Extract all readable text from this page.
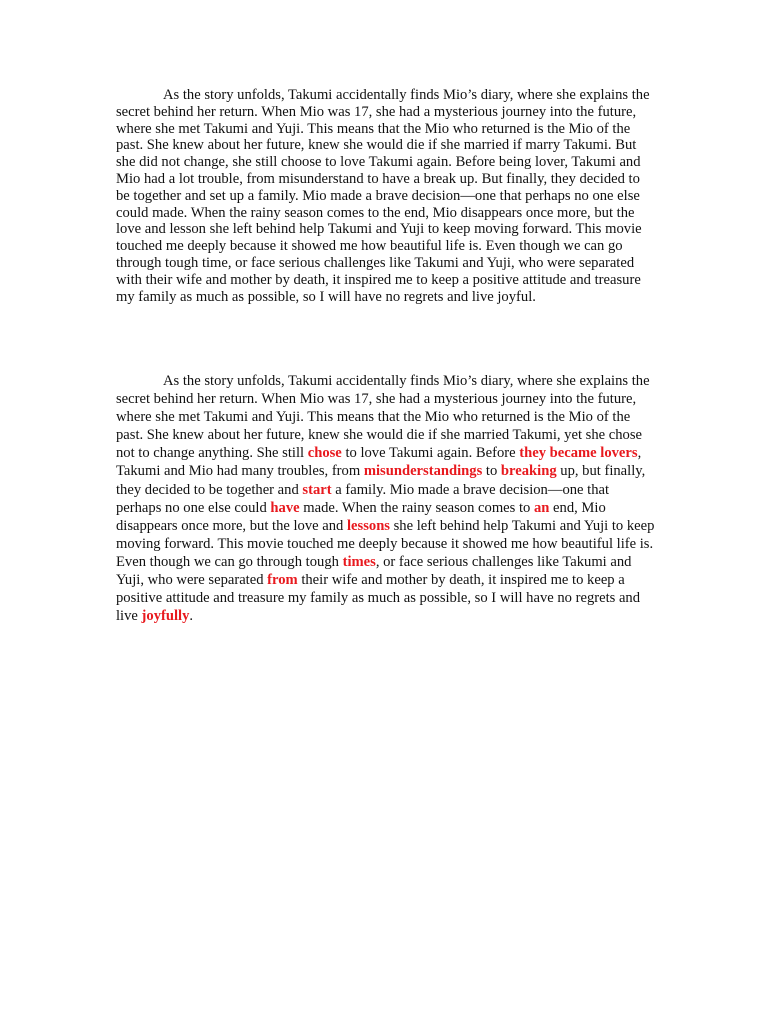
As the story unfolds, Takumi accidentally finds Mio’s diary, where she explains the secret behind her return. When Mio was 17, she had a mysterious journey into the future, where she met Takumi and Yuji. This means that the Mio who returned is the Mio of the past. She knew about her future, knew she would die if she married if marry Takumi. But she did not change, she still choose to love Takumi again. Before being lover, Takumi and Mio had a lot trouble, from misunderstand to have a break up. But finally, they decided to be together and set up a family. Mio made a brave decision—one that perhaps no one else could made. When the rainy season comes to the end, Mio disappears once more, but the love and lesson she left behind help Takumi and Yuji to keep moving forward. This movie touched me deeply because it showed me how beautiful life is. Even though we can go through tough time, or face serious challenges like Takumi and Yuji, who were separated with their wife and mother by death, it inspired me to keep a positive attitude and treasure my family as much as possible, so I will have no regrets and live joyful.

As the story unfolds, Takumi accidentally finds Mio’s diary, where she explains the secret behind her return. When Mio was 17, she had a mysterious journey into the future, where she met Takumi and Yuji. This means that the Mio who returned is the Mio of the past. She knew about her future, knew she would die if she married Takumi, yet she chose not to change anything. She still chose to love Takumi again. Before they became lovers, Takumi and Mio had many troubles, from misunderstandings to breaking up, but finally, they decided to be together and start a family. Mio made a brave decision—one that perhaps no one else could have made. When the rainy season comes to an end, Mio disappears once more, but the love and lessons she left behind help Takumi and Yuji to keep moving forward. This movie touched me deeply because it showed me how beautiful life is. Even though we can go through tough times, or face serious challenges like Takumi and Yuji, who were separated from their wife and mother by death, it inspired me to keep a positive attitude and treasure my family as much as possible, so I will have no regrets and live joyfully.
